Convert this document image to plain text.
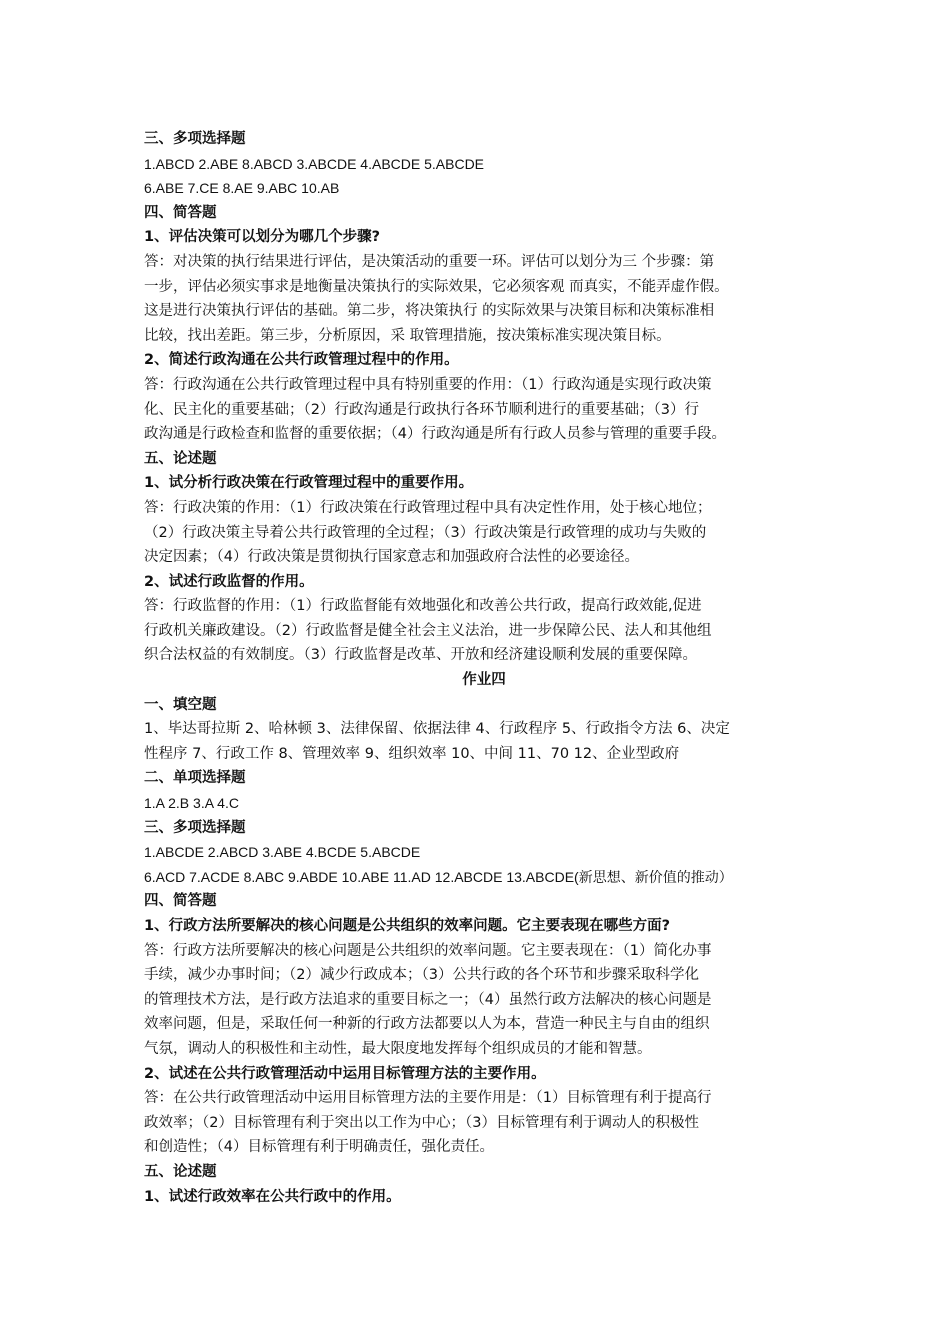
三、多项选择题
1.ABCD 2.ABE 8.ABCD 3.ABCDE 4.ABCDE 5.ABCDE
6.ABE 7.CE 8.AE 9.ABC 10.AB
四、简答题
1、评估决策可以划分为哪几个步骤?
答：对决策的执行结果进行评估，是决策活动的重要一环。评估可以划分为三 个步骤：第
一步，评估必须实事求是地衡量决策执行的实际效果，它必须客观 而真实，不能弄虚作假。
这是进行决策执行评估的基础。第二步，将决策执行 的实际效果与决策目标和决策标准相
比较，找出差距。第三步，分析原因，采 取管理措施，按决策标准实现决策目标。
2、简述行政沟通在公共行政管理过程中的作用。
答：行政沟通在公共行政管理过程中具有特别重要的作用：（1）行政沟通是实现行政决策
化、民主化的重要基础；（2）行政沟通是行政执行各环节顺利进行的重要基础；（3）行
政沟通是行政检查和监督的重要依据；（4）行政沟通是所有行政人员参与管理的重要手段。
五、论述题
1、试分析行政决策在行政管理过程中的重要作用。
答：行政决策的作用：（1）行政决策在行政管理过程中具有决定性作用，处于核心地位；
（2）行政决策主导着公共行政管理的全过程；（3）行政决策是行政管理的成功与失败的
决定因素；（4）行政决策是贯彻执行国家意志和加强政府合法性的必要途径。
2、试述行政监督的作用。
答：行政监督的作用：（1）行政监督能有效地强化和改善公共行政，提高行政效能,促进
行政机关廉政建设。（2）行政监督是健全社会主义法治，进一步保障公民、法人和其他组
织合法权益的有效制度。（3）行政监督是改革、开放和经济建设顺利发展的重要保障。
作业四
一、填空题
1、毕达哥拉斯 2、哈林顿 3、法律保留、依据法律 4、行政程序 5、行政指令方法 6、决定
性程序 7、行政工作 8、管理效率 9、组织效率 10、中间 11、70 12、企业型政府
二、单项选择题
1.A 2.B 3.A 4.C
三、多项选择题
1.ABCDE 2.ABCD 3.ABE 4.BCDE 5.ABCDE
6.ACD 7.ACDE 8.ABC 9.ABDE 10.ABE 11.AD 12.ABCDE 13.ABCDE(新思想、新价值的推动）
四、简答题
1、行政方法所要解决的核心问题是公共组织的效率问题。它主要表现在哪些方面?
答：行政方法所要解决的核心问题是公共组织的效率问题。它主要表现在：（1）简化办事
手续，减少办事时间；（2）减少行政成本；（3）公共行政的各个环节和步骤采取科学化
的管理技术方法，是行政方法追求的重要目标之一；（4）虽然行政方法解决的核心问题是
效率问题，但是，采取任何一种新的行政方法都要以人为本，营造一种民主与自由的组织
气氛，调动人的积极性和主动性，最大限度地发挥每个组织成员的才能和智慧。
2、试述在公共行政管理活动中运用目标管理方法的主要作用。
答：在公共行政管理活动中运用目标管理方法的主要作用是：（1）目标管理有利于提高行
政效率；（2）目标管理有利于突出以工作为中心；（3）目标管理有利于调动人的积极性
和创造性；（4）目标管理有利于明确责任，强化责任。
五、论述题
1、试述行政效率在公共行政中的作用。
